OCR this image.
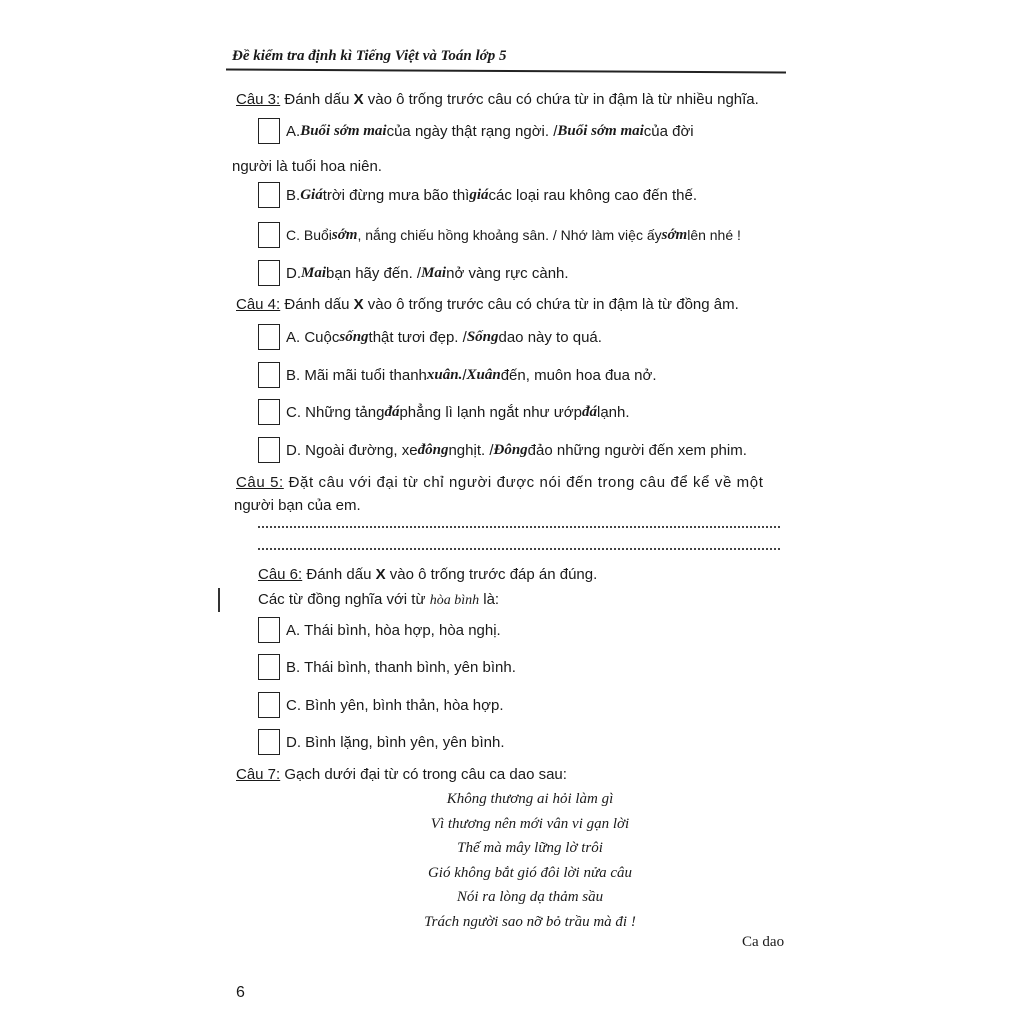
Đề kiểm tra định kì Tiếng Việt và Toán lớp 5
Câu 3: Đánh dấu X vào ô trống trước câu có chứa từ in đậm là từ nhiều nghĩa.
A. Buổi sớm mai của ngày thật rạng ngời. / Buổi sớm mai của đời
người là tuổi hoa niên.
B. Giá trời đừng mưa bão thì giá các loại rau không cao đến thế.
C. Buổi sớm , nắng chiếu hồng khoảng sân. / Nhớ làm việc ấy sớm lên nhé !
D. Mai bạn hãy đến. / Mai nở vàng rực cành.
Câu 4: Đánh dấu X vào ô trống trước câu có chứa từ in đậm là từ đồng âm.
A. Cuộc sống thật tươi đẹp. / Sống dao này to quá.
B. Mãi mãi tuổi thanh xuân. / Xuân đến, muôn hoa đua nở.
C. Những tảng đá phẳng lì lạnh ngắt như ướp đá lạnh.
D. Ngoài đường, xe đông nghịt. / Đông đảo những người đến xem phim.
Câu 5: Đặt câu với đại từ chỉ người được nói đến trong câu để kể về một
người bạn của em.
Câu 6: Đánh dấu X vào ô trống trước đáp án đúng.
Các từ đồng nghĩa với từ hòa bình là:
A. Thái bình, hòa hợp, hòa nghị.
B. Thái bình, thanh bình, yên bình.
C. Bình yên, bình thản, hòa hợp.
D. Bình lặng, bình yên, yên bình.
Câu 7: Gạch dưới đại từ có trong câu ca dao sau:
Không thương ai hỏi làm gì
Vì thương nên mới vân vi gạn lời
Thế mà mây lững lờ trôi
Gió không bắt gió đôi lời nửa câu
Nói ra lòng dạ thảm sầu
Trách người sao nỡ bỏ trầu mà đi !
Ca dao
6
